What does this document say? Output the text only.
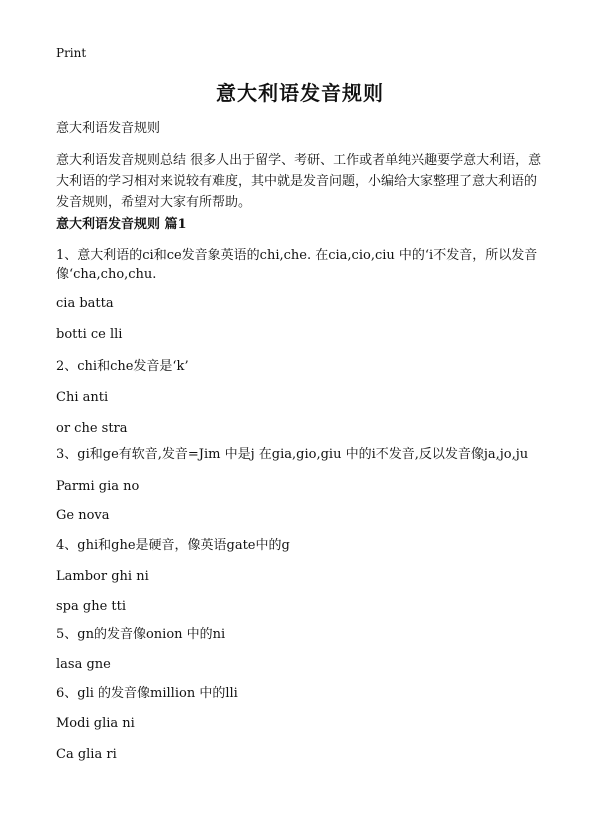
Print
意大利语发音规则
意大利语发音规则
意大利语发音规则总结 很多人出于留学、考研、工作或者单纯兴趣要学意大利语，意大利语的学习相对来说较有难度，其中就是发音问题，小编给大家整理了意大利语的发音规则，希望对大家有所帮助。
意大利语发音规则 篇1
1、意大利语的ci和ce发音象英语的chi,che. 在cia,cio,ciu 中的‘i不发音，所以发音像‘cha,cho,chu.
cia batta
botti ce lli
2、chi和che发音是‘k’
Chi anti
or che stra
3、gi和ge有软音,发音=Jim 中是j 在gia,gio,giu 中的i不发音,反以发音像ja,jo,ju
Parmi gia no
Ge nova
4、ghi和ghe是硬音，像英语gate中的g
Lambor ghi ni
spa ghe tti
5、gn的发音像onion 中的ni
lasa gne
6、gli 的发音像million 中的lli
Modi glia ni
Ca glia ri
